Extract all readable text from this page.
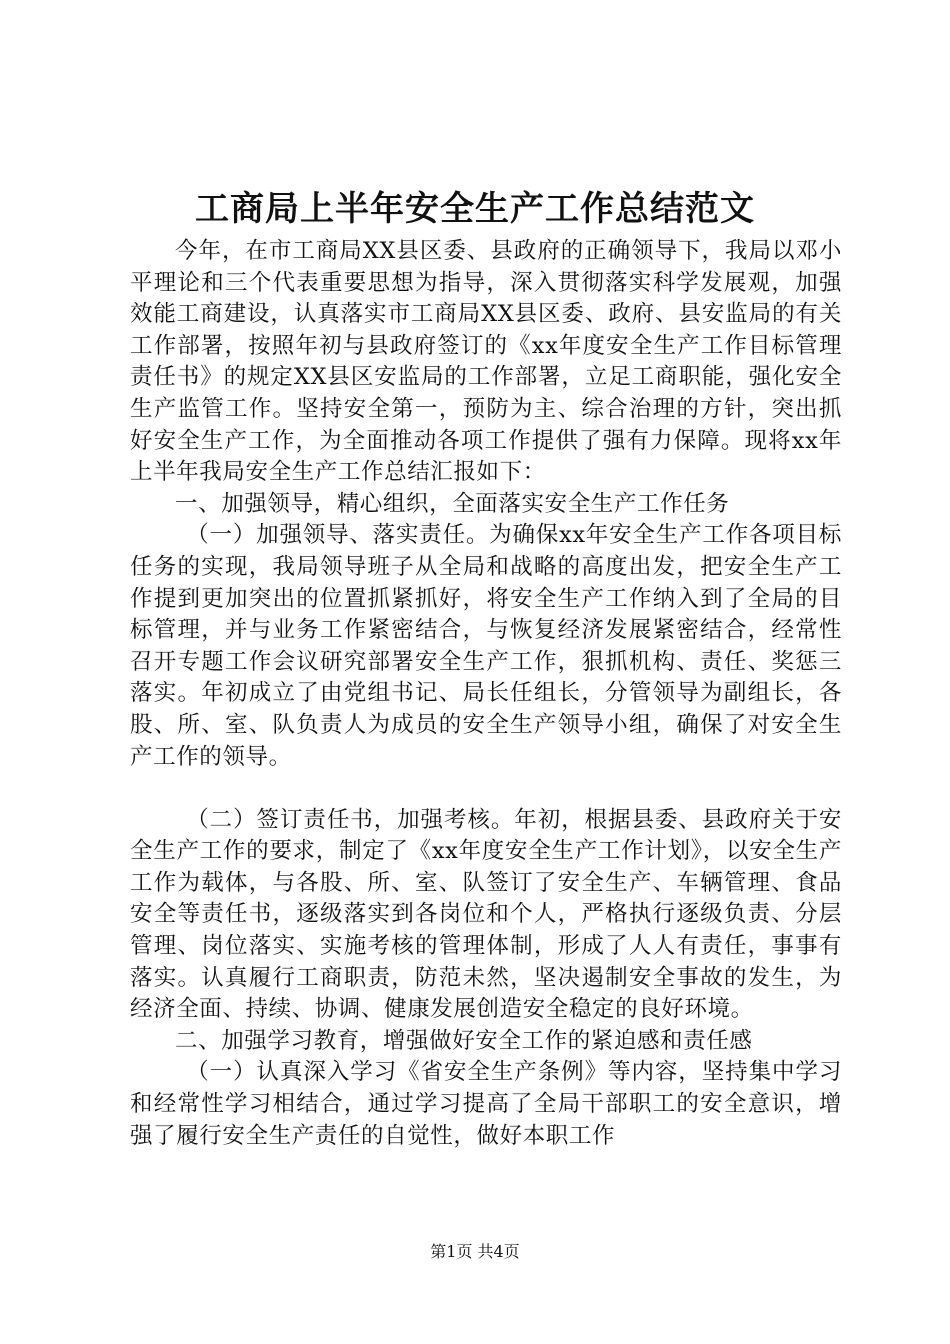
工商局上半年安全生产工作总结范文

今年，在市工商局XX县区委、县政府的正确领导下，我局以邓小平理论和三个代表重要思想为指导，深入贯彻落实科学发展观，加强效能工商建设，认真落实市工商局XX县区委、政府、县安监局的有关工作部署，按照年初与县政府签订的《xx年度安全生产工作目标管理责任书》的规定XX县区安监局的工作部署，立足工商职能，强化安全生产监管工作。坚持安全第一，预防为主、综合治理的方针，突出抓好安全生产工作，为全面推动各项工作提供了强有力保障。现将xx年上半年我局安全生产工作总结汇报如下：

一、加强领导，精心组织，全面落实安全生产工作任务

（一）加强领导、落实责任。为确保xx年安全生产工作各项目标任务的实现，我局领导班子从全局和战略的高度出发，把安全生产工作提到更加突出的位置抓紧抓好，将安全生产工作纳入到了全局的目标管理，并与业务工作紧密结合，与恢复经济发展紧密结合，经常性召开专题工作会议研究部署安全生产工作，狠抓机构、责任、奖惩三落实。年初成立了由党组书记、局长任组长，分管领导为副组长，各股、所、室、队负责人为成员的安全生产领导小组，确保了对安全生产工作的领导。

（二）签订责任书，加强考核。年初，根据县委、县政府关于安全生产工作的要求，制定了《xx年度安全生产工作计划》，以安全生产工作为载体，与各股、所、室、队签订了安全生产、车辆管理、食品安全等责任书，逐级落实到各岗位和个人，严格执行逐级负责、分层管理、岗位落实、实施考核的管理体制，形成了人人有责任，事事有落实。认真履行工商职责，防范未然，坚决遏制安全事故的发生，为经济全面、持续、协调、健康发展创造安全稳定的良好环境。

二、加强学习教育，增强做好安全工作的紧迫感和责任感

（一）认真深入学习《省安全生产条例》等内容，坚持集中学习和经常性学习相结合，通过学习提高了全局干部职工的安全意识，增强了履行安全生产责任的自觉性，做好本职工作

第1页 共4页
